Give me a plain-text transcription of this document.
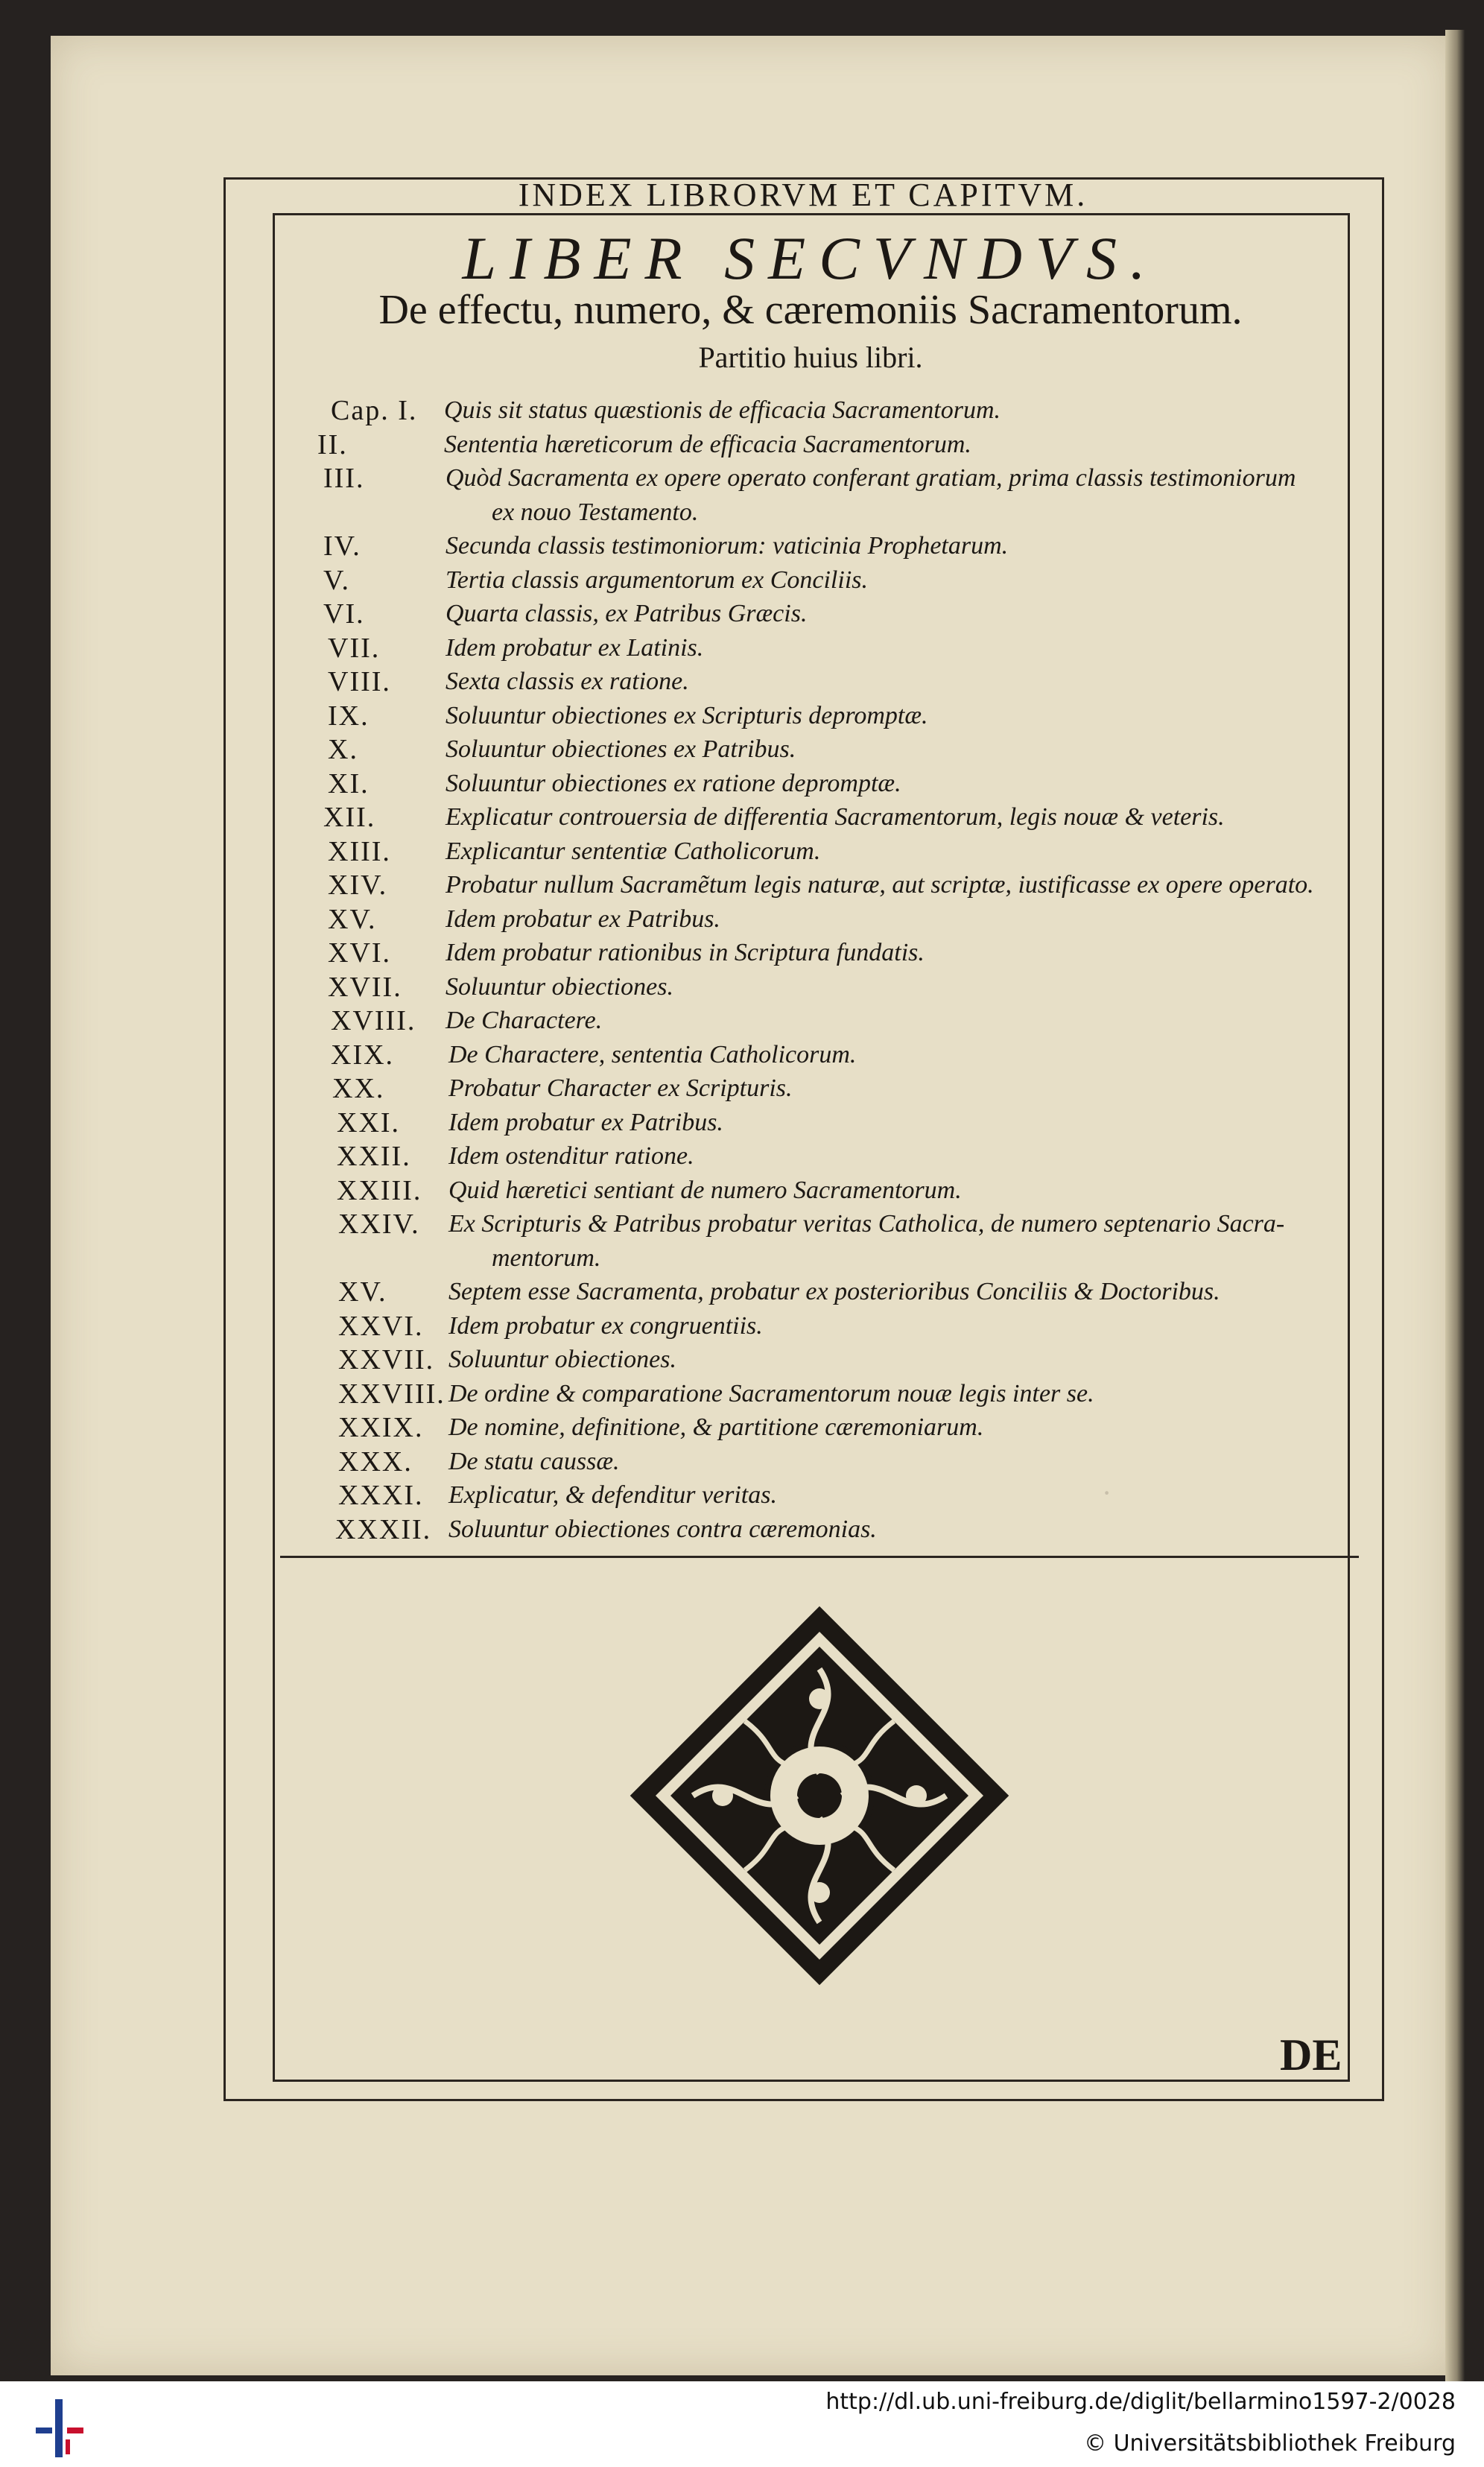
·
INDEX LIBRORVM ET CAPITVM.
LIBER SECVNDVS.
De effectu, numero, & cæremoniis Sacramentorum.
Partitio huius libri.
Cap. I. Quis sit status quæstionis de efficacia Sacramentorum.
II.	Sententia hæreticorum de efficacia Sacramentorum.
III.	Quòd Sacramenta ex opere operato conferant gratiam, prima classis testimoniorum
ex nouo Testamento.
IV.	Secunda classis testimoniorum: vaticinia Prophetarum.
V.	Tertia classis argumentorum ex Conciliis.
VI.	Quarta classis, ex Patribus Græcis.
VII.	Idem probatur ex Latinis.
VIII. Sexta classis ex ratione.
IX.	Soluuntur obiectiones ex Scripturis depromptæ.
X.	Soluuntur obiectiones ex Patribus.
XI.	Soluuntur obiectiones ex ratione depromptæ.
XII.	Explicatur controuersia de differentia Sacramentorum, legis nouæ & veteris.
XIII. Explicantur sententiæ Catholicorum.
XIV. Probatur nullum Sacramẽtum legis naturæ, aut scriptæ, iustificasse ex opere operato.
XV.	Idem probatur ex Patribus.
XVI. Idem probatur rationibus in Scriptura fundatis.
XVII. Soluuntur obiectiones.
XVIII. De Charactere.
XIX. De Charactere, sententia Catholicorum.
XX.	Probatur Character ex Scripturis.
XXI. Idem probatur ex Patribus.
XXII. Idem ostenditur ratione.
XXIII. Quid hæretici sentiant de numero Sacramentorum.
XXIV. Ex Scripturis & Patribus probatur veritas Catholica, de numero septenario Sacra-
mentorum.
XV. Septem esse Sacramenta, probatur ex posterioribus Conciliis & Doctoribus.
XXVI. Idem probatur ex congruentiis.
XXVII. Soluuntur obiectiones.
XXVIII. De ordine & comparatione Sacramentorum nouæ legis inter se.
XXIX. De nomine, definitione, & partitione cæremoniarum.
XXX. De statu caussæ.
XXXI. Explicatur, & defenditur veritas.
XXXII. Soluuntur obiectiones contra cæremonias.
DE
http://dl.ub.uni-freiburg.de/diglit/bellarmino1597-2/0028
© Universitätsbibliothek Freiburg
